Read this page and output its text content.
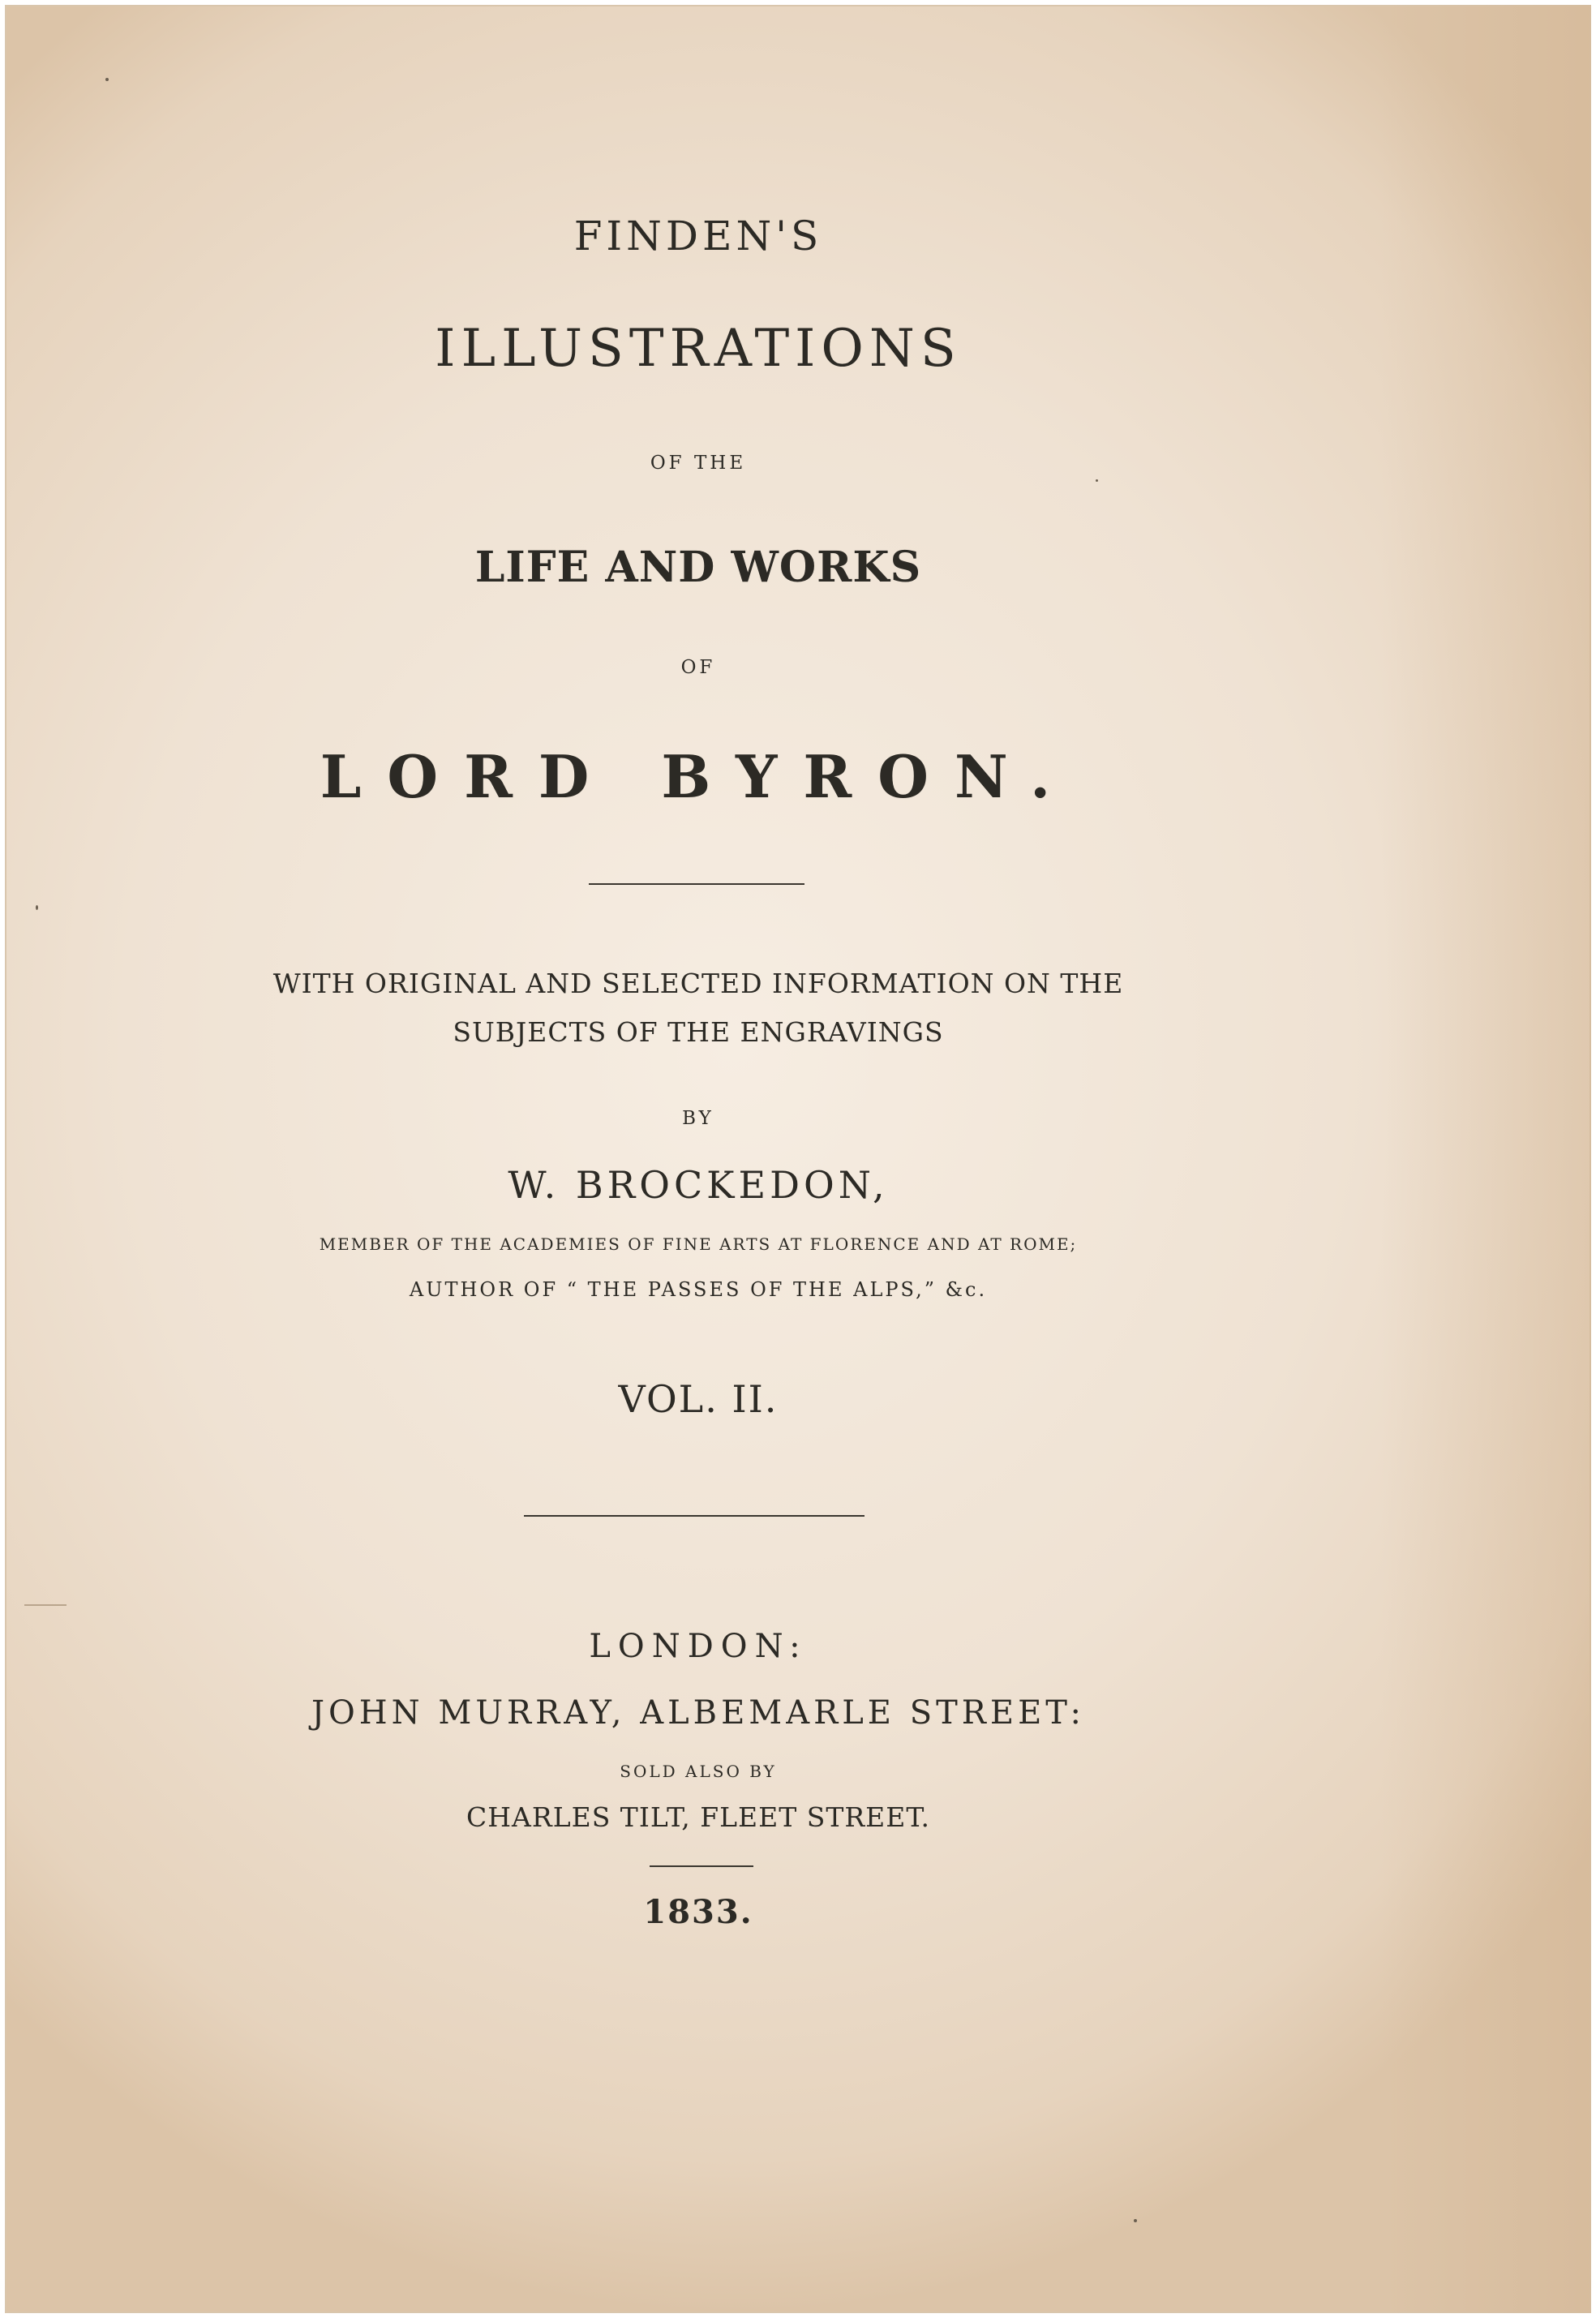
FINDEN'S
ILLUSTRATIONS
OF THE
LIFE AND WORKS
OF
LORD BYRON.
WITH ORIGINAL AND SELECTED INFORMATION ON THE
SUBJECTS OF THE ENGRAVINGS
BY
W. BROCKEDON,
MEMBER OF THE ACADEMIES OF FINE ARTS AT FLORENCE AND AT ROME;
AUTHOR OF “ THE PASSES OF THE ALPS,” &c.
VOL. II.
LONDON:
JOHN MURRAY, ALBEMARLE STREET:
SOLD ALSO BY
CHARLES TILT, FLEET STREET.
1833.
